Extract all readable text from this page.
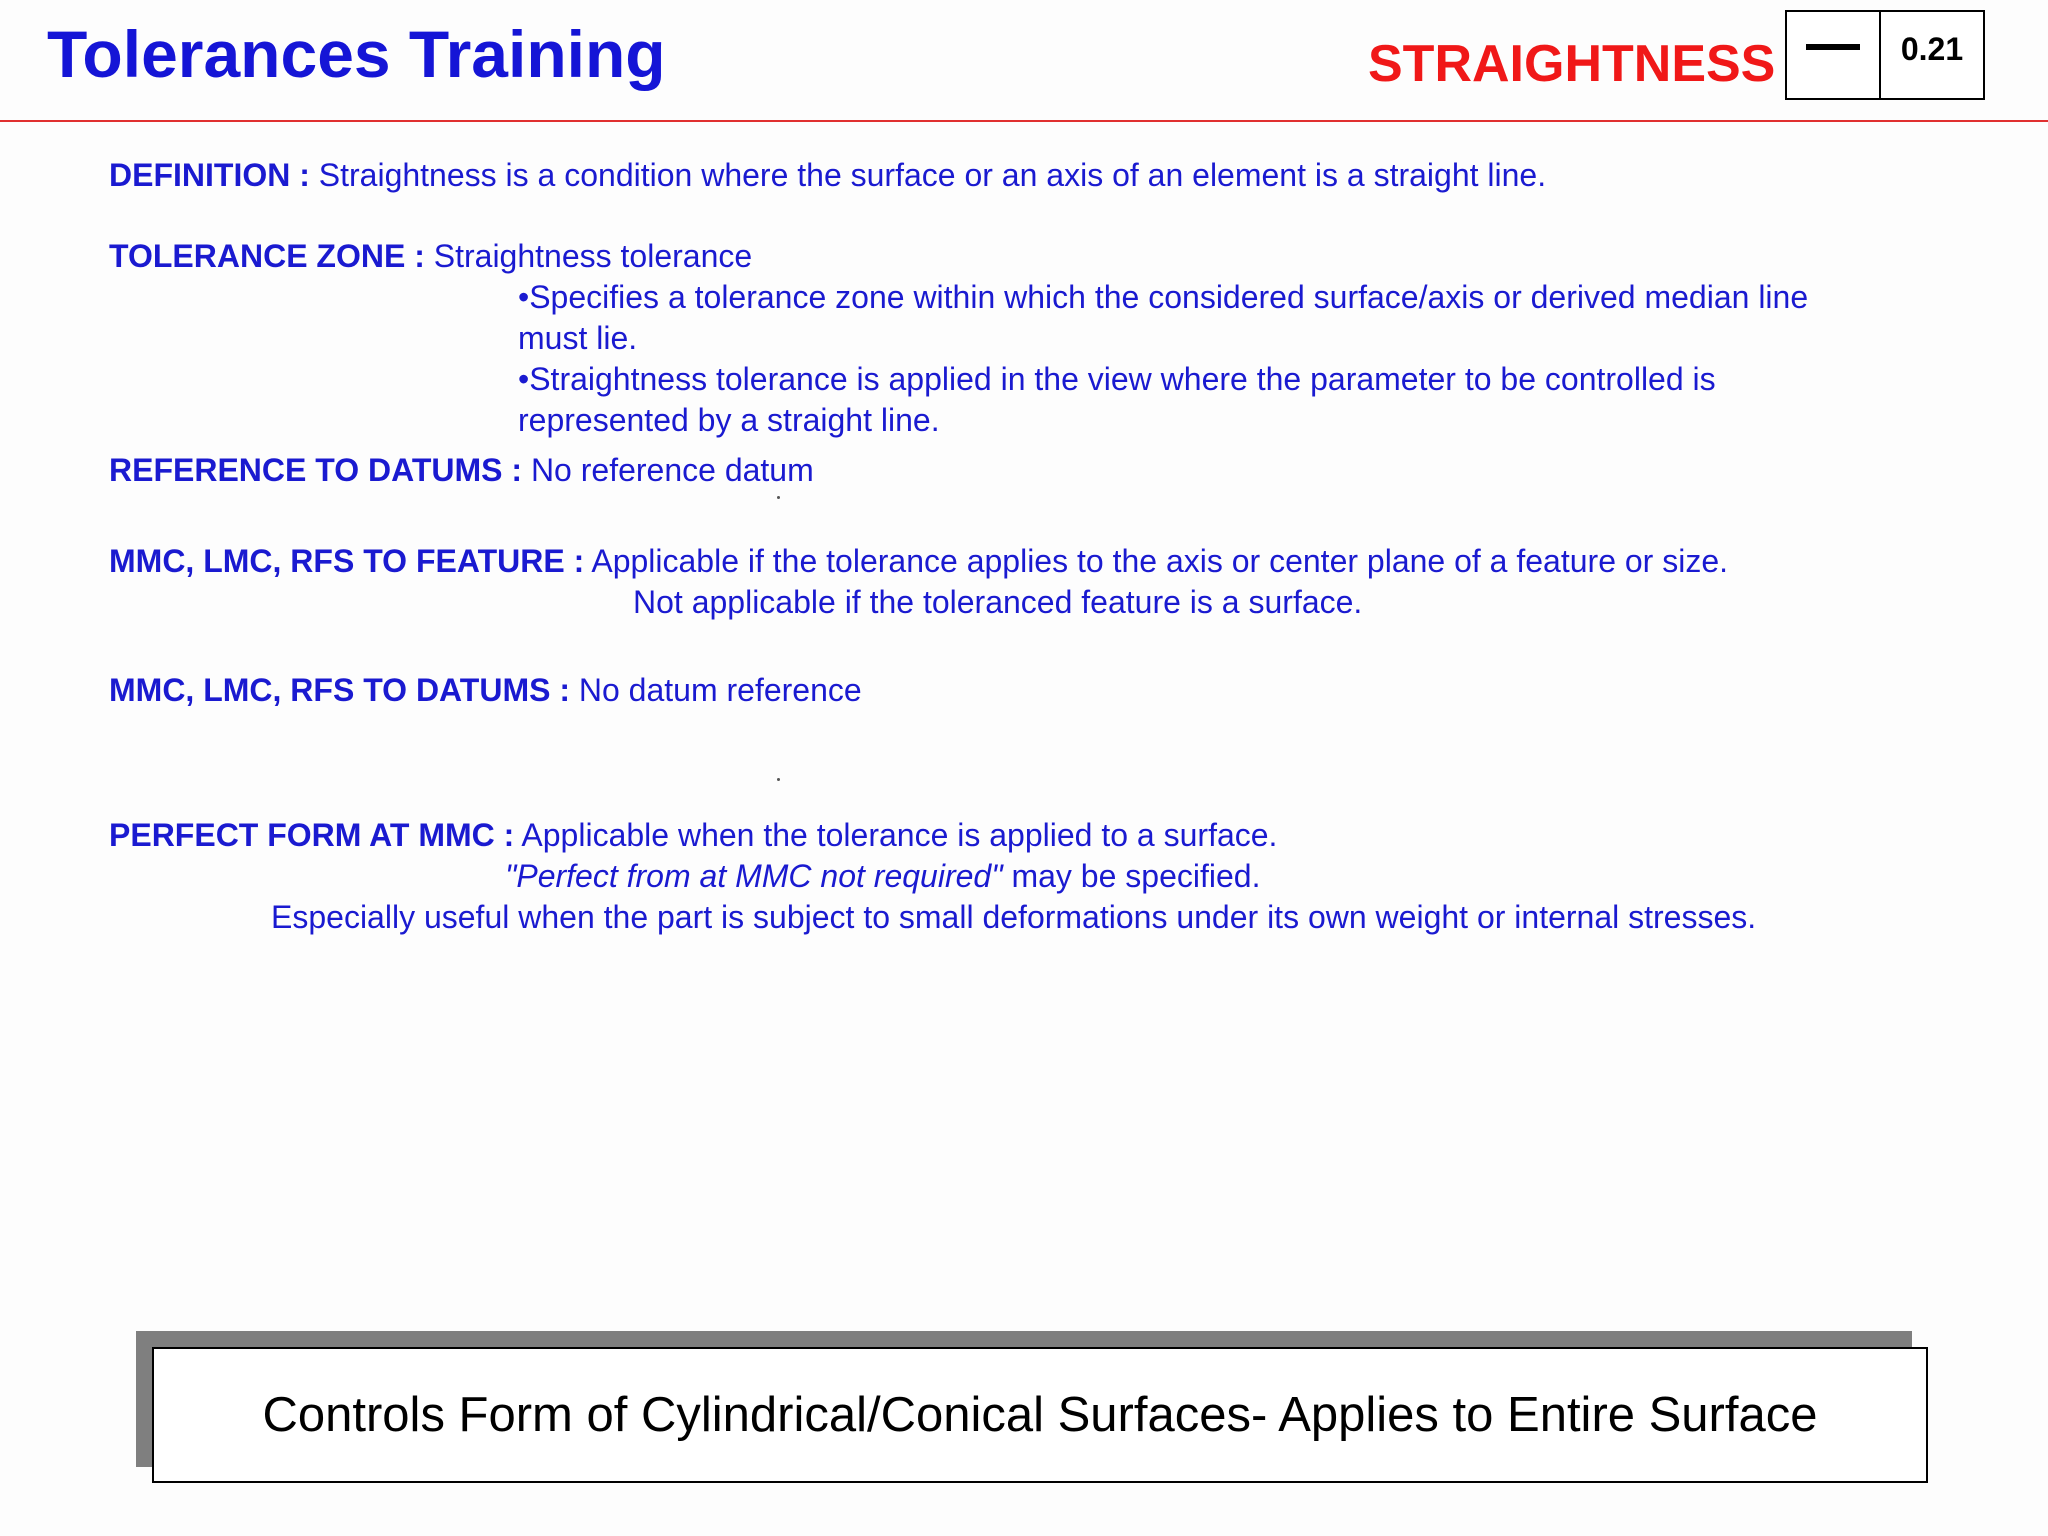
Tolerances Training	STRAIGHTNESS	0.21
DEFINITION : Straightness is a condition where the surface or an axis of an element is a straight line.
TOLERANCE ZONE : Straightness tolerance
•Specifies a tolerance zone within which the considered surface/axis or derived median line
must lie.
•Straightness tolerance is applied in the view where the parameter to be controlled is
represented by a straight line.
REFERENCE TO DATUMS : No reference datum
MMC, LMC, RFS TO FEATURE : Applicable if the tolerance applies to the axis or center plane of a feature or size.
Not applicable if the toleranced feature is a surface.
MMC, LMC, RFS TO DATUMS : No datum reference
PERFECT FORM AT MMC : Applicable when the tolerance is applied to a surface.
"Perfect from at MMC not required" may be specified.
Especially useful when the part is subject to small deformations under its own weight or internal stresses.
Controls Form of Cylindrical/Conical Surfaces- Applies to Entire Surface
